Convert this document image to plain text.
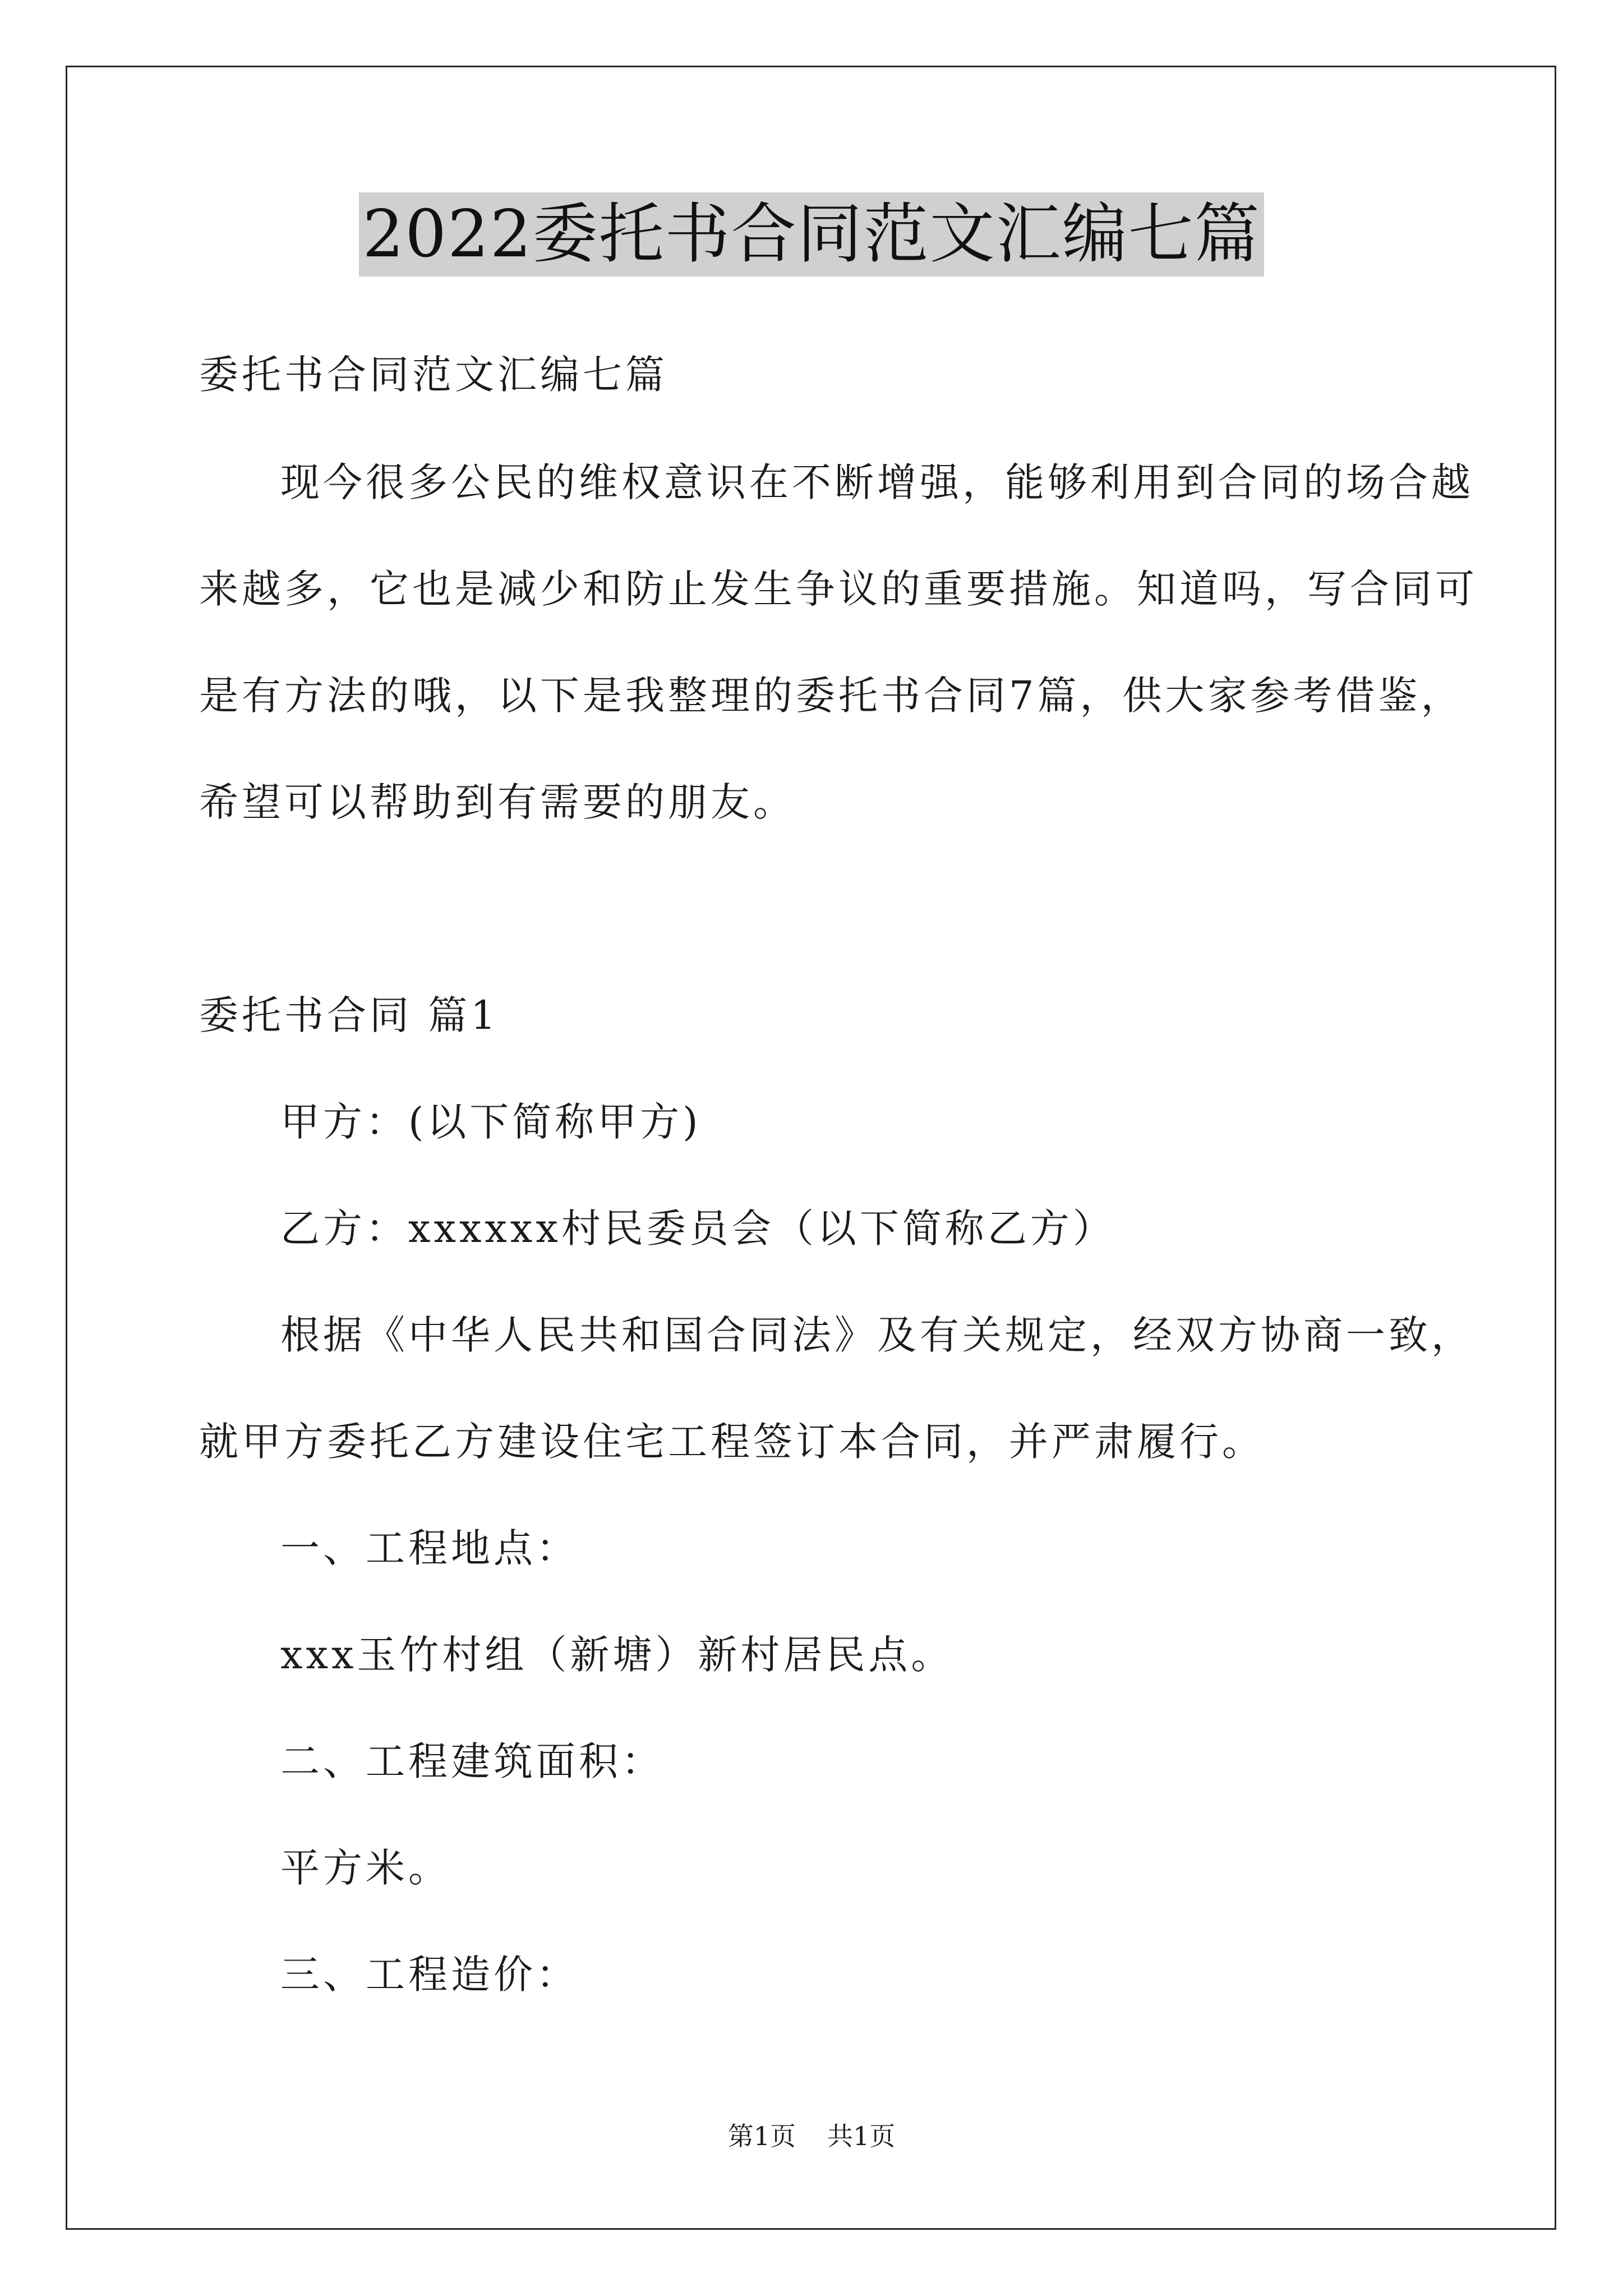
2022委托书合同范文汇编七篇
委托书合同范文汇编七篇
现今很多公民的维权意识在不断增强，能够利用到合同的场合越
来越多，它也是减少和防止发生争议的重要措施。知道吗，写合同可
是有方法的哦，以下是我整理的委托书合同7篇，供大家参考借鉴，
希望可以帮助到有需要的朋友。
委托书合同 篇1
甲方：(以下简称甲方)
乙方：xxxxxx村民委员会（以下简称乙方）
根据《中华人民共和国合同法》及有关规定，经双方协商一致，
就甲方委托乙方建设住宅工程签订本合同，并严肃履行。
一、工程地点：
xxx玉竹村组（新塘）新村居民点。
二、工程建筑面积：
平方米。
三、工程造价：
第1页 共1页
